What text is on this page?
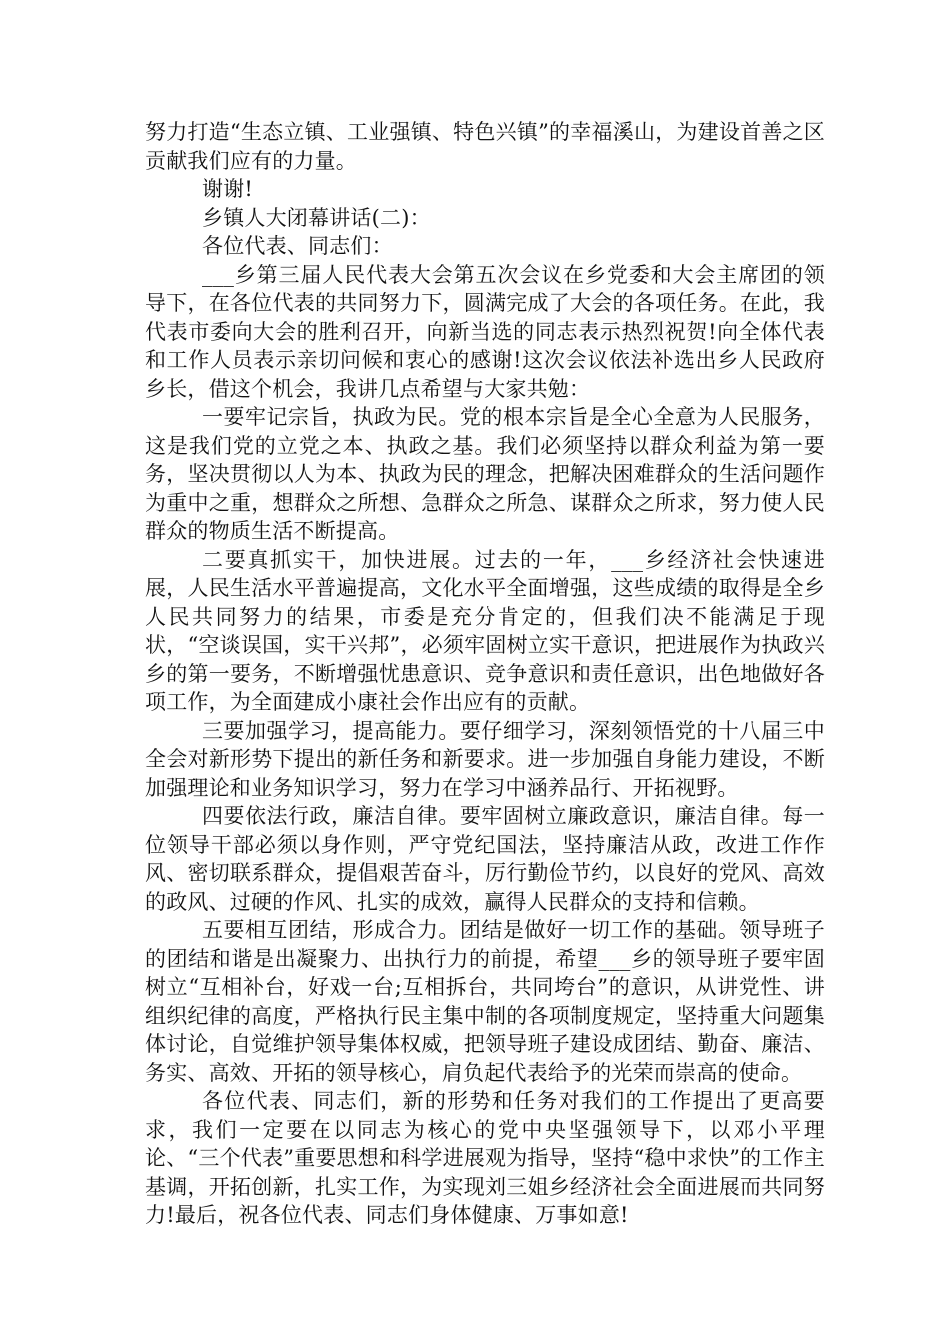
努力打造“生态立镇、工业强镇、特色兴镇”的幸福溪山，为建设首善之区贡献我们应有的力量。

谢谢!

乡镇人大闭幕讲话(二)：

各位代表、同志们：

___乡第三届人民代表大会第五次会议在乡党委和大会主席团的领导下，在各位代表的共同努力下，圆满完成了大会的各项任务。在此，我代表市委向大会的胜利召开，向新当选的同志表示热烈祝贺!向全体代表和工作人员表示亲切问候和衷心的感谢!这次会议依法补选出乡人民政府乡长，借这个机会，我讲几点希望与大家共勉：

一要牢记宗旨，执政为民。党的根本宗旨是全心全意为人民服务，这是我们党的立党之本、执政之基。我们必须坚持以群众利益为第一要务，坚决贯彻以人为本、执政为民的理念，把解决困难群众的生活问题作为重中之重，想群众之所想、急群众之所急、谋群众之所求，努力使人民群众的物质生活不断提高。

二要真抓实干，加快进展。过去的一年，___乡经济社会快速进展，人民生活水平普遍提高，文化水平全面增强，这些成绩的取得是全乡人民共同努力的结果，市委是充分肯定的，但我们决不能满足于现状，“空谈误国，实干兴邦”，必须牢固树立实干意识，把进展作为执政兴乡的第一要务，不断增强忧患意识、竞争意识和责任意识，出色地做好各项工作，为全面建成小康社会作出应有的贡献。

三要加强学习，提高能力。要仔细学习，深刻领悟党的十八届三中全会对新形势下提出的新任务和新要求。进一步加强自身能力建设，不断加强理论和业务知识学习，努力在学习中涵养品行、开拓视野。

四要依法行政，廉洁自律。要牢固树立廉政意识，廉洁自律。每一位领导干部必须以身作则，严守党纪国法，坚持廉洁从政，改进工作作风、密切联系群众，提倡艰苦奋斗，厉行勤俭节约，以良好的党风、高效的政风、过硬的作风、扎实的成效，赢得人民群众的支持和信赖。

五要相互团结，形成合力。团结是做好一切工作的基础。领导班子的团结和谐是出凝聚力、出执行力的前提，希望___乡的领导班子要牢固树立“互相补台，好戏一台;互相拆台，共同垮台”的意识，从讲党性、讲组织纪律的高度，严格执行民主集中制的各项制度规定，坚持重大问题集体讨论，自觉维护领导集体权威，把领导班子建设成团结、勤奋、廉洁、务实、高效、开拓的领导核心，肩负起代表给予的光荣而崇高的使命。

各位代表、同志们，新的形势和任务对我们的工作提出了更高要求，我们一定要在以同志为核心的党中央坚强领导下，以邓小平理论、“三个代表”重要思想和科学进展观为指导，坚持“稳中求快”的工作主基调，开拓创新，扎实工作，为实现刘三姐乡经济社会全面进展而共同努力!最后，祝各位代表、同志们身体健康、万事如意!
